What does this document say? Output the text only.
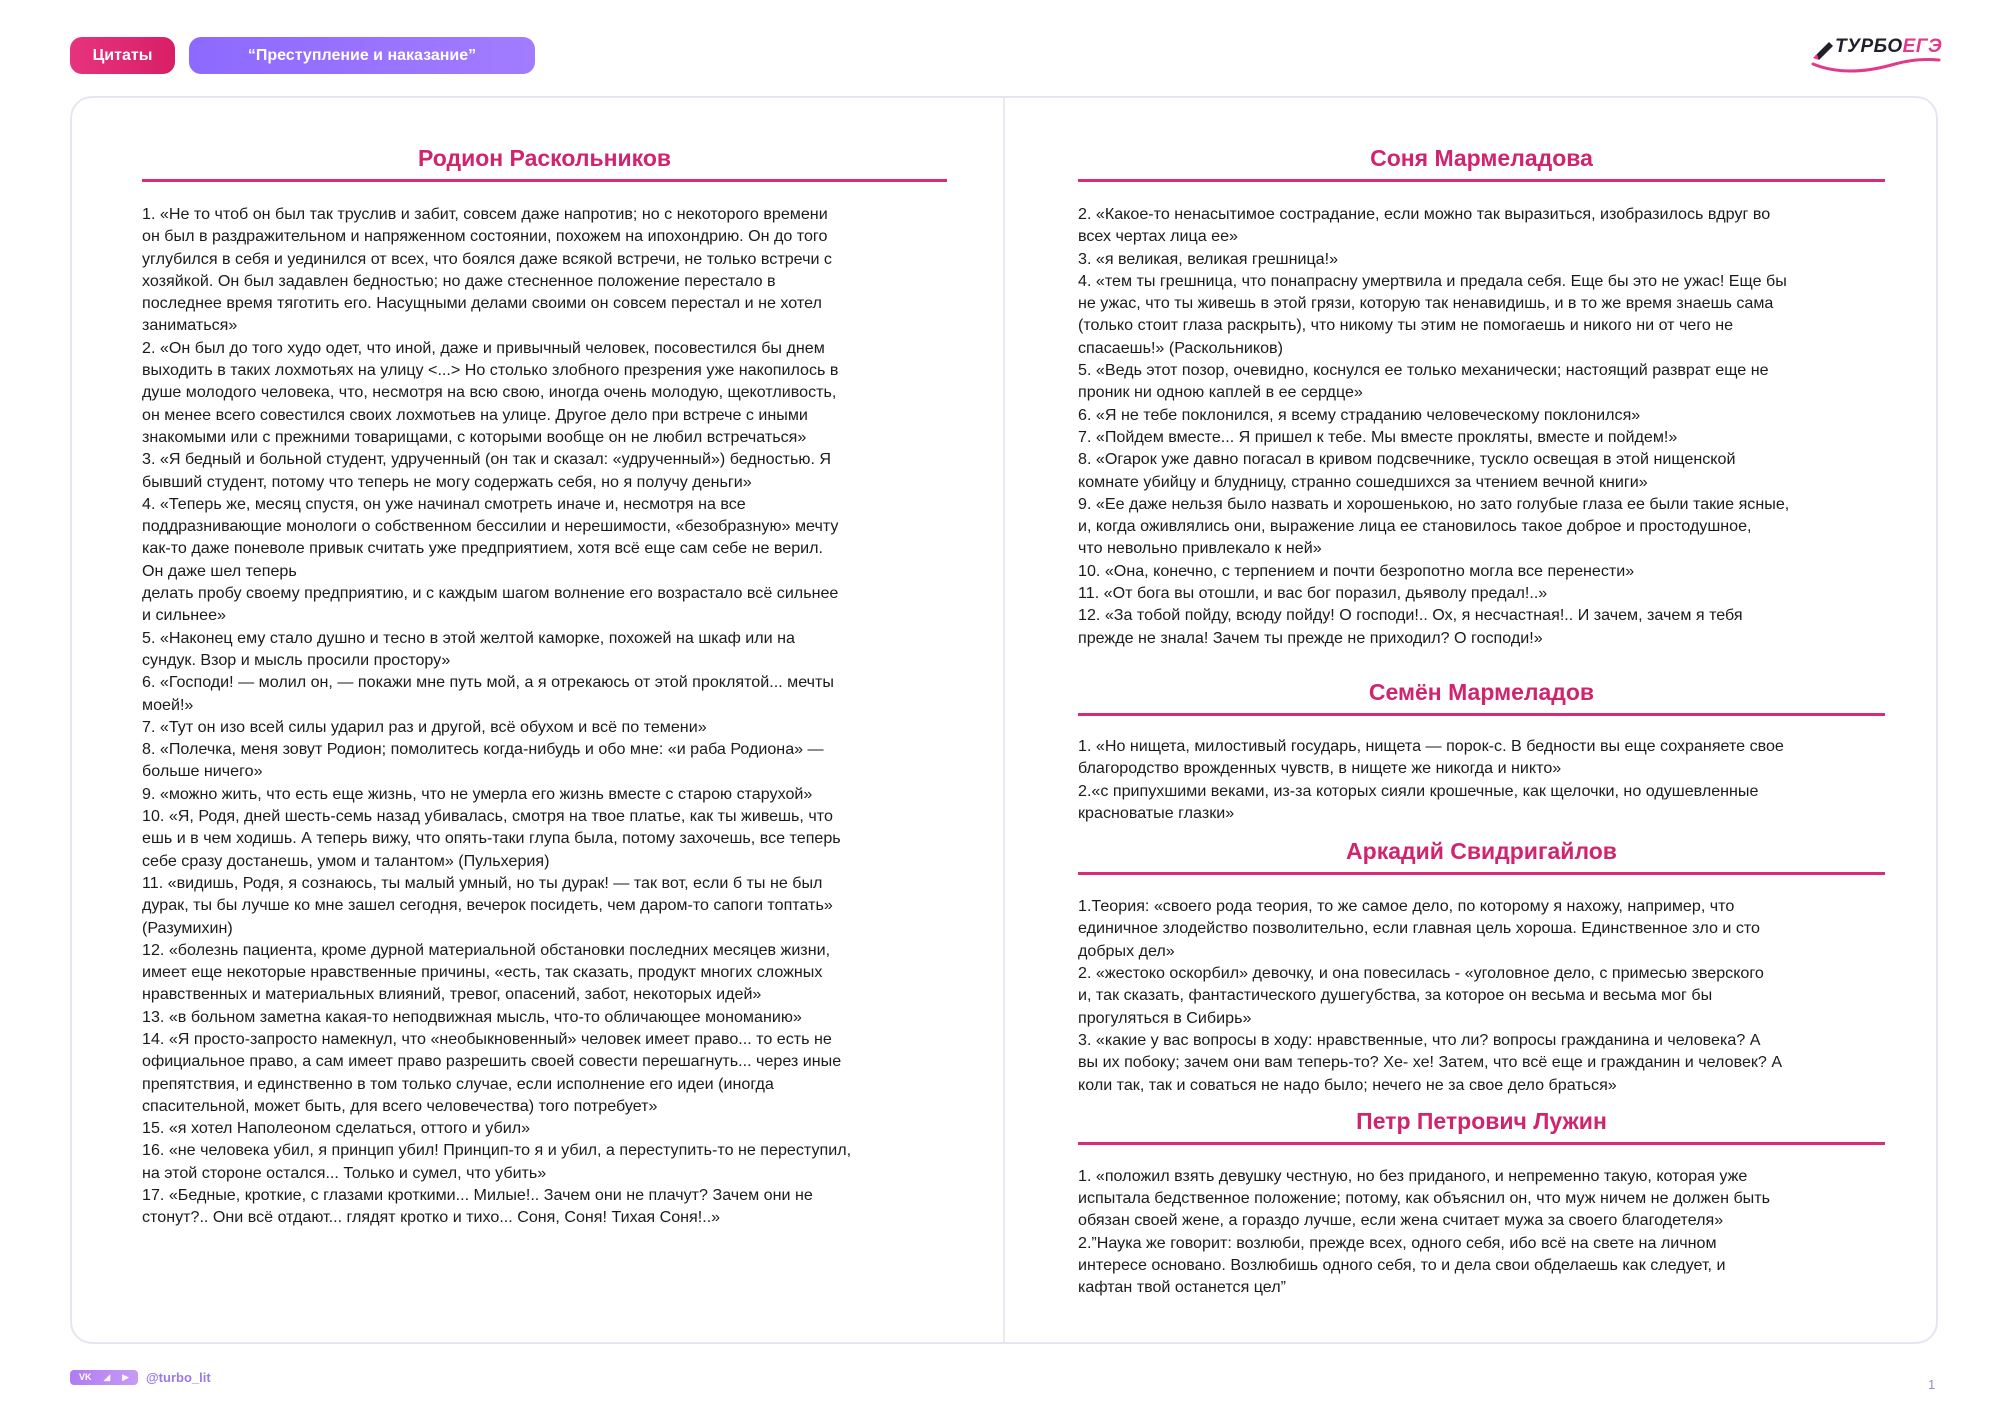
Цитаты	“Преступление и наказание”	ТУРБОЕГЭ
Родион Раскольников
1. «Не то чтоб он был так труслив и забит, совсем даже напротив; но с некоторого времени
он был в раздражительном и напряженном состоянии, похожем на ипохондрию. Он до того
углубился в себя и уединился от всех, что боялся даже всякой встречи, не только встречи с
хозяйкой. Он был задавлен бедностью; но даже стесненное положение перестало в
последнее время тяготить его. Насущными делами своими он совсем перестал и не хотел
заниматься»
2. «Он был до того худо одет, что иной, даже и привычный человек, посовестился бы днем
выходить в таких лохмотьях на улицу <...> Но столько злобного презрения уже накопилось в
душе молодого человека, что, несмотря на всю свою, иногда очень молодую, щекотливость,
он менее всего совестился своих лохмотьев на улице. Другое дело при встрече с иными
знакомыми или с прежними товарищами, с которыми вообще он не любил встречаться»
3. «Я бедный и больной студент, удрученный (он так и сказал: «удрученный») бедностью. Я
бывший студент, потому что теперь не могу содержать себя, но я получу деньги»
4. «Теперь же, месяц спустя, он уже начинал смотреть иначе и, несмотря на все
поддразнивающие монологи о собственном бессилии и нерешимости, «безобразную» мечту
как-то даже поневоле привык считать уже предприятием, хотя всё еще сам себе не верил.
Он даже шел теперь
делать пробу своему предприятию, и с каждым шагом волнение его возрастало всё сильнее
и сильнее»
5. «Наконец ему стало душно и тесно в этой желтой каморке, похожей на шкаф или на
сундук. Взор и мысль просили простору»
6. «Господи! — молил он, — покажи мне путь мой, а я отрекаюсь от этой проклятой... мечты
моей!»
7. «Тут он изо всей силы ударил раз и другой, всё обухом и всё по темени»
8. «Полечка, меня зовут Родион; помолитесь когда-нибудь и обо мне: «и раба Родиона» —
больше ничего»
9. «можно жить, что есть еще жизнь, что не умерла его жизнь вместе с старою старухой»
10. «Я, Родя, дней шесть-семь назад убивалась, смотря на твое платье, как ты живешь, что
ешь и в чем ходишь. А теперь вижу, что опять-таки глупа была, потому захочешь, все теперь
себе сразу достанешь, умом и талантом» (Пульхерия)
11. «видишь, Родя, я сознаюсь, ты малый умный, но ты дурак! — так вот, если б ты не был
дурак, ты бы лучше ко мне зашел сегодня, вечерок посидеть, чем даром-то сапоги топтать»
(Разумихин)
12. «болезнь пациента, кроме дурной материальной обстановки последних месяцев жизни,
имеет еще некоторые нравственные причины, «есть, так сказать, продукт многих сложных
нравственных и материальных влияний, тревог, опасений, забот, некоторых идей»
13. «в больном заметна какая-то неподвижная мысль, что-то обличающее мономанию»
14. «Я просто-запросто намекнул, что «необыкновенный» человек имеет право... то есть не
официальное право, а сам имеет право разрешить своей совести перешагнуть... через иные
препятствия, и единственно в том только случае, если исполнение его идеи (иногда
спасительной, может быть, для всего человечества) того потребует»
15. «я хотел Наполеоном сделаться, оттого и убил»
16. «не человека убил, я принцип убил! Принцип-то я и убил, а переступить-то не переступил,
на этой стороне остался... Только и сумел, что убить»
17. «Бедные, кроткие, с глазами кроткими... Милые!.. Зачем они не плачут? Зачем они не
стонут?.. Они всё отдают... глядят кротко и тихо... Соня, Соня! Тихая Соня!..»
Соня Мармеладова
2. «Какое-то ненасытимое сострадание, если можно так выразиться, изобразилось вдруг во
всех чертах лица ее»
3. «я великая, великая грешница!»
4. «тем ты грешница, что понапрасну умертвила и предала себя. Еще бы это не ужас! Еще бы
не ужас, что ты живешь в этой грязи, которую так ненавидишь, и в то же время знаешь сама
(только стоит глаза раскрыть), что никому ты этим не помогаешь и никого ни от чего не
спасаешь!» (Раскольников)
5. «Ведь этот позор, очевидно, коснулся ее только механически; настоящий разврат еще не
проник ни одною каплей в ее сердце»
6. «Я не тебе поклонился, я всему страданию человеческому поклонился»
7. «Пойдем вместе... Я пришел к тебе. Мы вместе прокляты, вместе и пойдем!»
8. «Огарок уже давно погасал в кривом подсвечнике, тускло освещая в этой нищенской
комнате убийцу и блудницу, странно сошедшихся за чтением вечной книги»
9. «Ее даже нельзя было назвать и хорошенькою, но зато голубые глаза ее были такие ясные,
и, когда оживлялись они, выражение лица ее становилось такое доброе и простодушное,
что невольно привлекало к ней»
10. «Она, конечно, с терпением и почти безропотно могла все перенести»
11. «От бога вы отошли, и вас бог поразил, дьяволу предал!..»
12. «За тобой пойду, всюду пойду! О господи!.. Ох, я несчастная!.. И зачем, зачем я тебя
прежде не знала! Зачем ты прежде не приходил? О господи!»
Семён Мармеладов
1. «Но нищета, милостивый государь, нищета — порок-с. В бедности вы еще сохраняете свое
благородство врожденных чувств, в нищете же никогда и никто»
2.«с припухшими веками, из-за которых сияли крошечные, как щелочки, но одушевленные
красноватые глазки»
Аркадий Свидригайлов
1.Теория: «своего рода теория, то же самое дело, по которому я нахожу, например, что
единичное злодейство позволительно, если главная цель хороша. Единственное зло и сто
добрых дел»
2. «жестоко оскорбил» девочку, и она повесилась - «уголовное дело, с примесью зверского
и, так сказать, фантастического душегубства, за которое он весьма и весьма мог бы
прогуляться в Сибирь»
3. «какие у вас вопросы в ходу: нравственные, что ли? вопросы гражданина и человека? А
вы их побоку; зачем они вам теперь-то? Хе- хе! Затем, что всё еще и гражданин и человек? А
коли так, так и соваться не надо было; нечего не за свое дело браться»
Петр Петрович Лужин
1. «положил взять девушку честную, но без приданого, и непременно такую, которая уже
испытала бедственное положение; потому, как объяснил он, что муж ничем не должен быть
обязан своей жене, а гораздо лучше, если жена считает мужа за своего благодетеля»
2.”Наука же говорит: возлюби, прежде всех, одного себя, ибо всё на свете на личном
интересе основано. Возлюбишь одного себя, то и дела свои обделаешь как следует, и
кафтан твой останется цел”
VK ◢ ▶ @turbo_lit	1
